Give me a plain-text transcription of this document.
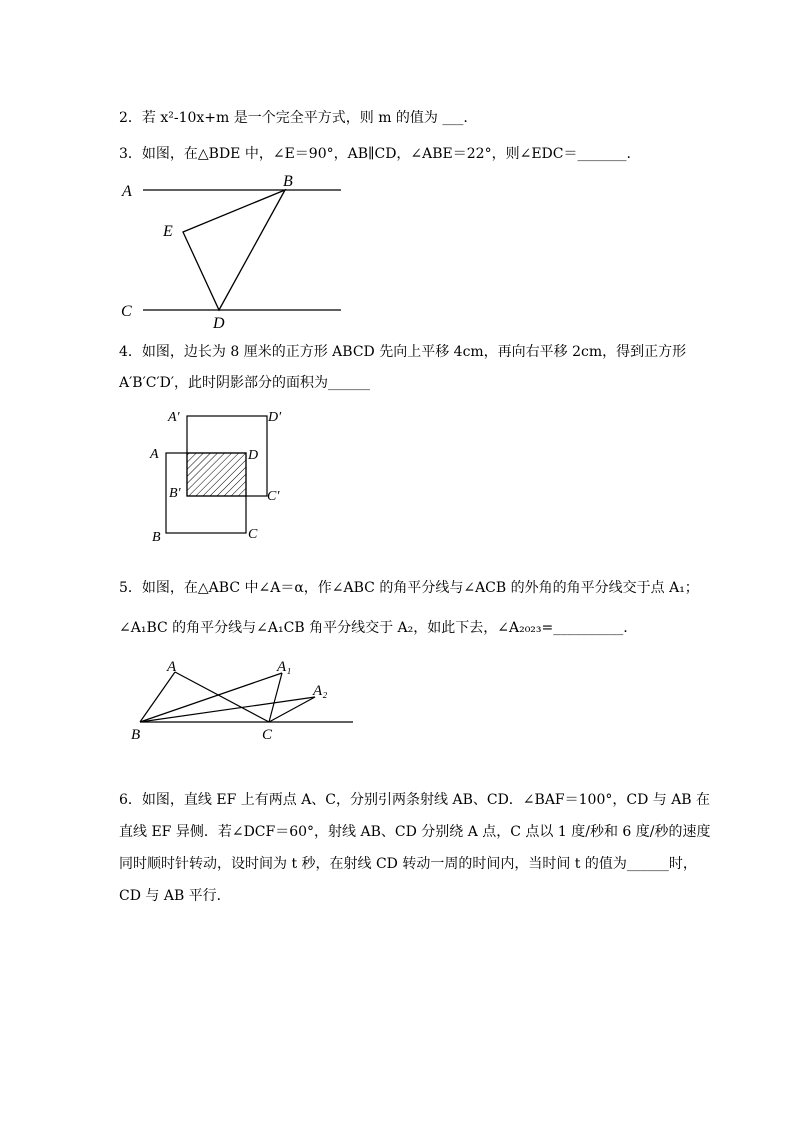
2．若 x²-10x+m 是一个完全平方式，则 m 的值为 ___.
3．如图，在△BDE 中，∠E＝90°，AB∥CD，∠ABE＝22°，则∠EDC＝_______.
A
B
E
C
D
4．如图，边长为 8 厘米的正方形 ABCD 先向上平移 4cm，再向右平移 2cm，得到正方形
A′B′C′D′，此时阴影部分的面积为______
A′	D′
A	D
B′	C′
B	C
5．如图，在△ABC 中∠A＝α，作∠ABC 的角平分线与∠ACB 的外角的角平分线交于点 A₁；
∠A₁BC 的角平分线与∠A₁CB 角平分线交于 A₂，如此下去，∠A₂₀₂₃=__________.
A	A₁
A₂
B	C
6．如图，直线 EF 上有两点 A、C，分别引两条射线 AB、CD．∠BAF＝100°，CD 与 AB 在
直线 EF 异侧．若∠DCF＝60°，射线 AB、CD 分别绕 A 点，C 点以 1 度/秒和 6 度/秒的速度
同时顺时针转动，设时间为 t 秒，在射线 CD 转动一周的时间内，当时间 t 的值为______时，
CD 与 AB 平行．
